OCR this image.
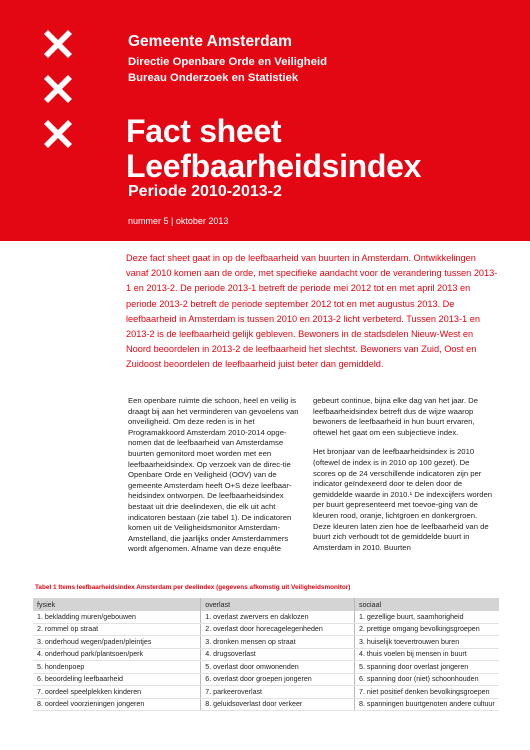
Gemeente Amsterdam
Directie Openbare Orde en Veiligheid
Bureau Onderzoek en Statistiek
Fact sheet
Leefbaarheidsindex
Periode 2010-2013-2
nummer 5 | oktober 2013
Deze fact sheet gaat in op de leefbaarheid van buurten in Amsterdam. Ontwikkelingen vanaf 2010 komen aan de orde, met specifieke aandacht voor de verandering tussen 2013-1 en 2013-2. De periode 2013-1 betreft de periode mei 2012 tot en met april 2013 en periode 2013-2 betreft de periode september 2012 tot en met augustus 2013. De leefbaarheid in Amsterdam is tussen 2010 en 2013-2 licht verbeterd. Tussen 2013-1 en 2013-2 is de leefbaarheid gelijk gebleven. Bewoners in de stadsdelen Nieuw-West en Noord beoordelen in 2013-2 de leefbaarheid het slechtst. Bewoners van Zuid, Oost en Zuidoost beoordelen de leefbaarheid juist beter dan gemiddeld.

Een openbare ruimte die schoon, heel en veilig is draagt bij aan het verminderen van gevoelens van onveiligheid. Om deze reden is in het Programakkoord Amsterdam 2010-2014 opge-nomen dat de leefbaarheid van Amsterdamse buurten gemonitord moet worden met een leefbaarheidsindex. Op verzoek van de direc-tie Openbare Orde en Veiligheid (OOV) van de gemeente Amsterdam heeft O+S deze leefbaar-heidsindex ontworpen. De leefbaarheidsindex bestaat uit drie deelindexen, die elk uit acht indicatoren bestaan (zie tabel 1). De indicatoren komen uit de Veiligheidsmonitor Amsterdam-Amstelland, die jaarlijks onder Amsterdammers wordt afgenomen. Afname van deze enquête

gebeurt continue, bijna elke dag van het jaar. De leefbaarheidsindex betreft dus de wijze waarop bewoners de leefbaarheid in hun buurt ervaren, oftewel het gaat om een subjectieve index.

Het bronjaar van de leefbaarheidsindex is 2010 (oftewel de index is in 2010 op 100 gezet). De scores op de 24 verschillende indicatoren zijn per indicator geïndexeerd door te delen door de gemiddelde waarde in 2010.¹ De indexcijfers worden per buurt gepresenteerd met toevoe-ging van de kleuren rood, oranje, lichtgroen en donkergroen. Deze kleuren laten zien hoe de leefbaarheid van de buurt zich verhoudt tot de gemiddelde buurt in Amsterdam in 2010. Buurten

Tabel 1 Items leefbaarheidsindex Amsterdam per deelindex (gegevens afkomstig uit Veiligheidsmonitor)
fysiek	overlast	sociaal
1. bekladding muren/gebouwen	1. overlast zwervers en daklozen	1. gezellige buurt, saamhorigheid
2. rommel op straat	2. overlast door horecagelegenheden	2. prettige omgang bevolkingsgroepen
3. onderhoud wegen/paden/pleintjes	3. dronken mensen op straat	3. huiselijk toevertrouwen buren
4. onderhoud park/plantsoen/perk	4. drugsoverlast	4. thuis voelen bij mensen in buurt
5. hondenpoep	5. overlast door omwonenden	5. spanning door overlast jongeren
6. beoordeling leefbaarheid	6. overlast door groepen jongeren	6. spanning door (niet) schoonhouden
7. oordeel speelplekken kinderen	7. parkeeroverlast	7. niet positief denken bevolkingsgroepen
8. oordeel voorzieningen jongeren	8. geluidsoverlast door verkeer	8. spanningen buurtgenoten andere cultuur
